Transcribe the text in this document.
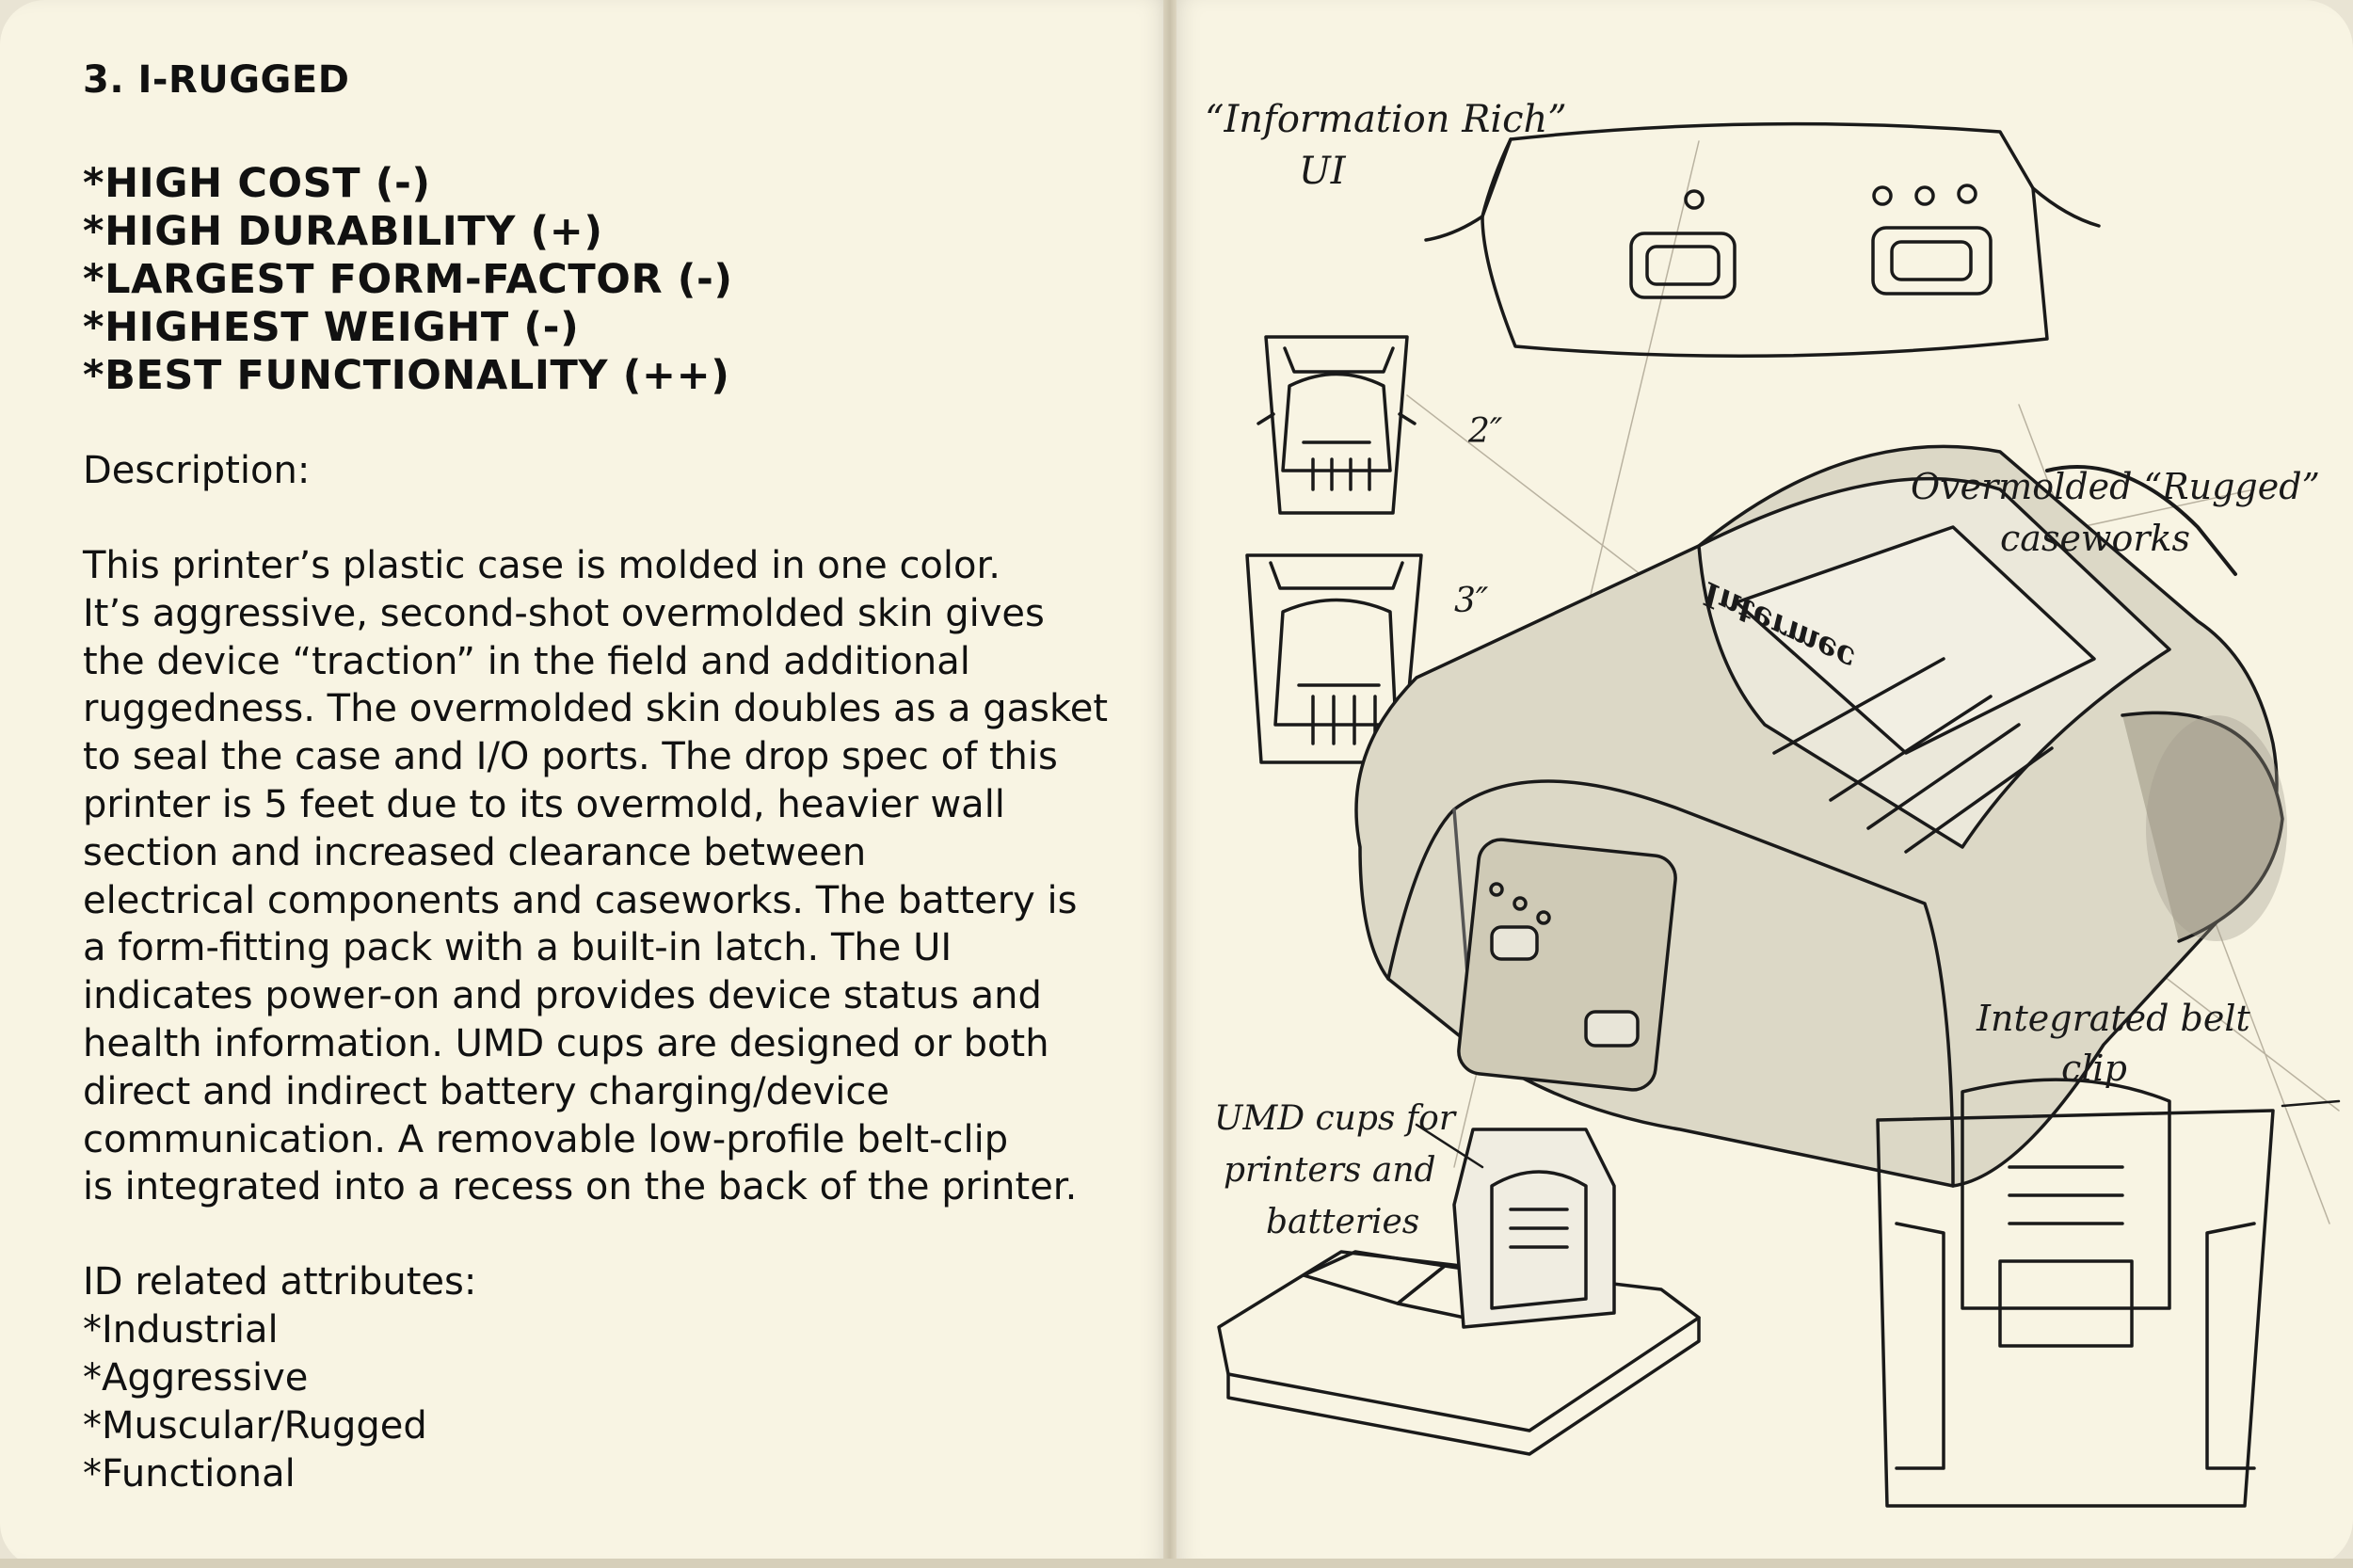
3. I-RUGGED

*HIGH COST (-)

*HIGH DURABILITY (+)

*LARGEST FORM-FACTOR (-)

*HIGHEST WEIGHT (-)

*BEST FUNCTIONALITY (++)

Description:

This printer’s plastic case is molded in one color.

It’s aggressive, second-shot overmolded skin gives

the device “traction” in the field and additional

ruggedness. The overmolded skin doubles as a gasket

to seal the case and I/O ports. The drop spec of this

printer is 5 feet due to its overmold, heavier wall

section and increased clearance between

electrical components and caseworks. The battery is

a form-fitting pack with a built-in latch. The UI

indicates power-on and provides device status and

health information. UMD cups are designed or both

direct and indirect battery charging/device

communication. A removable low-profile belt-clip

is integrated into a recess on the back of the printer.

ID related attributes:

*Industrial

*Aggressive

*Muscular/Rugged

*Functional

Intermec
“Information Rich”
UI
2″
3″
Overmolded “Rugged”
caseworks
Integrated belt
clip
UMD cups for
printers and
batteries
